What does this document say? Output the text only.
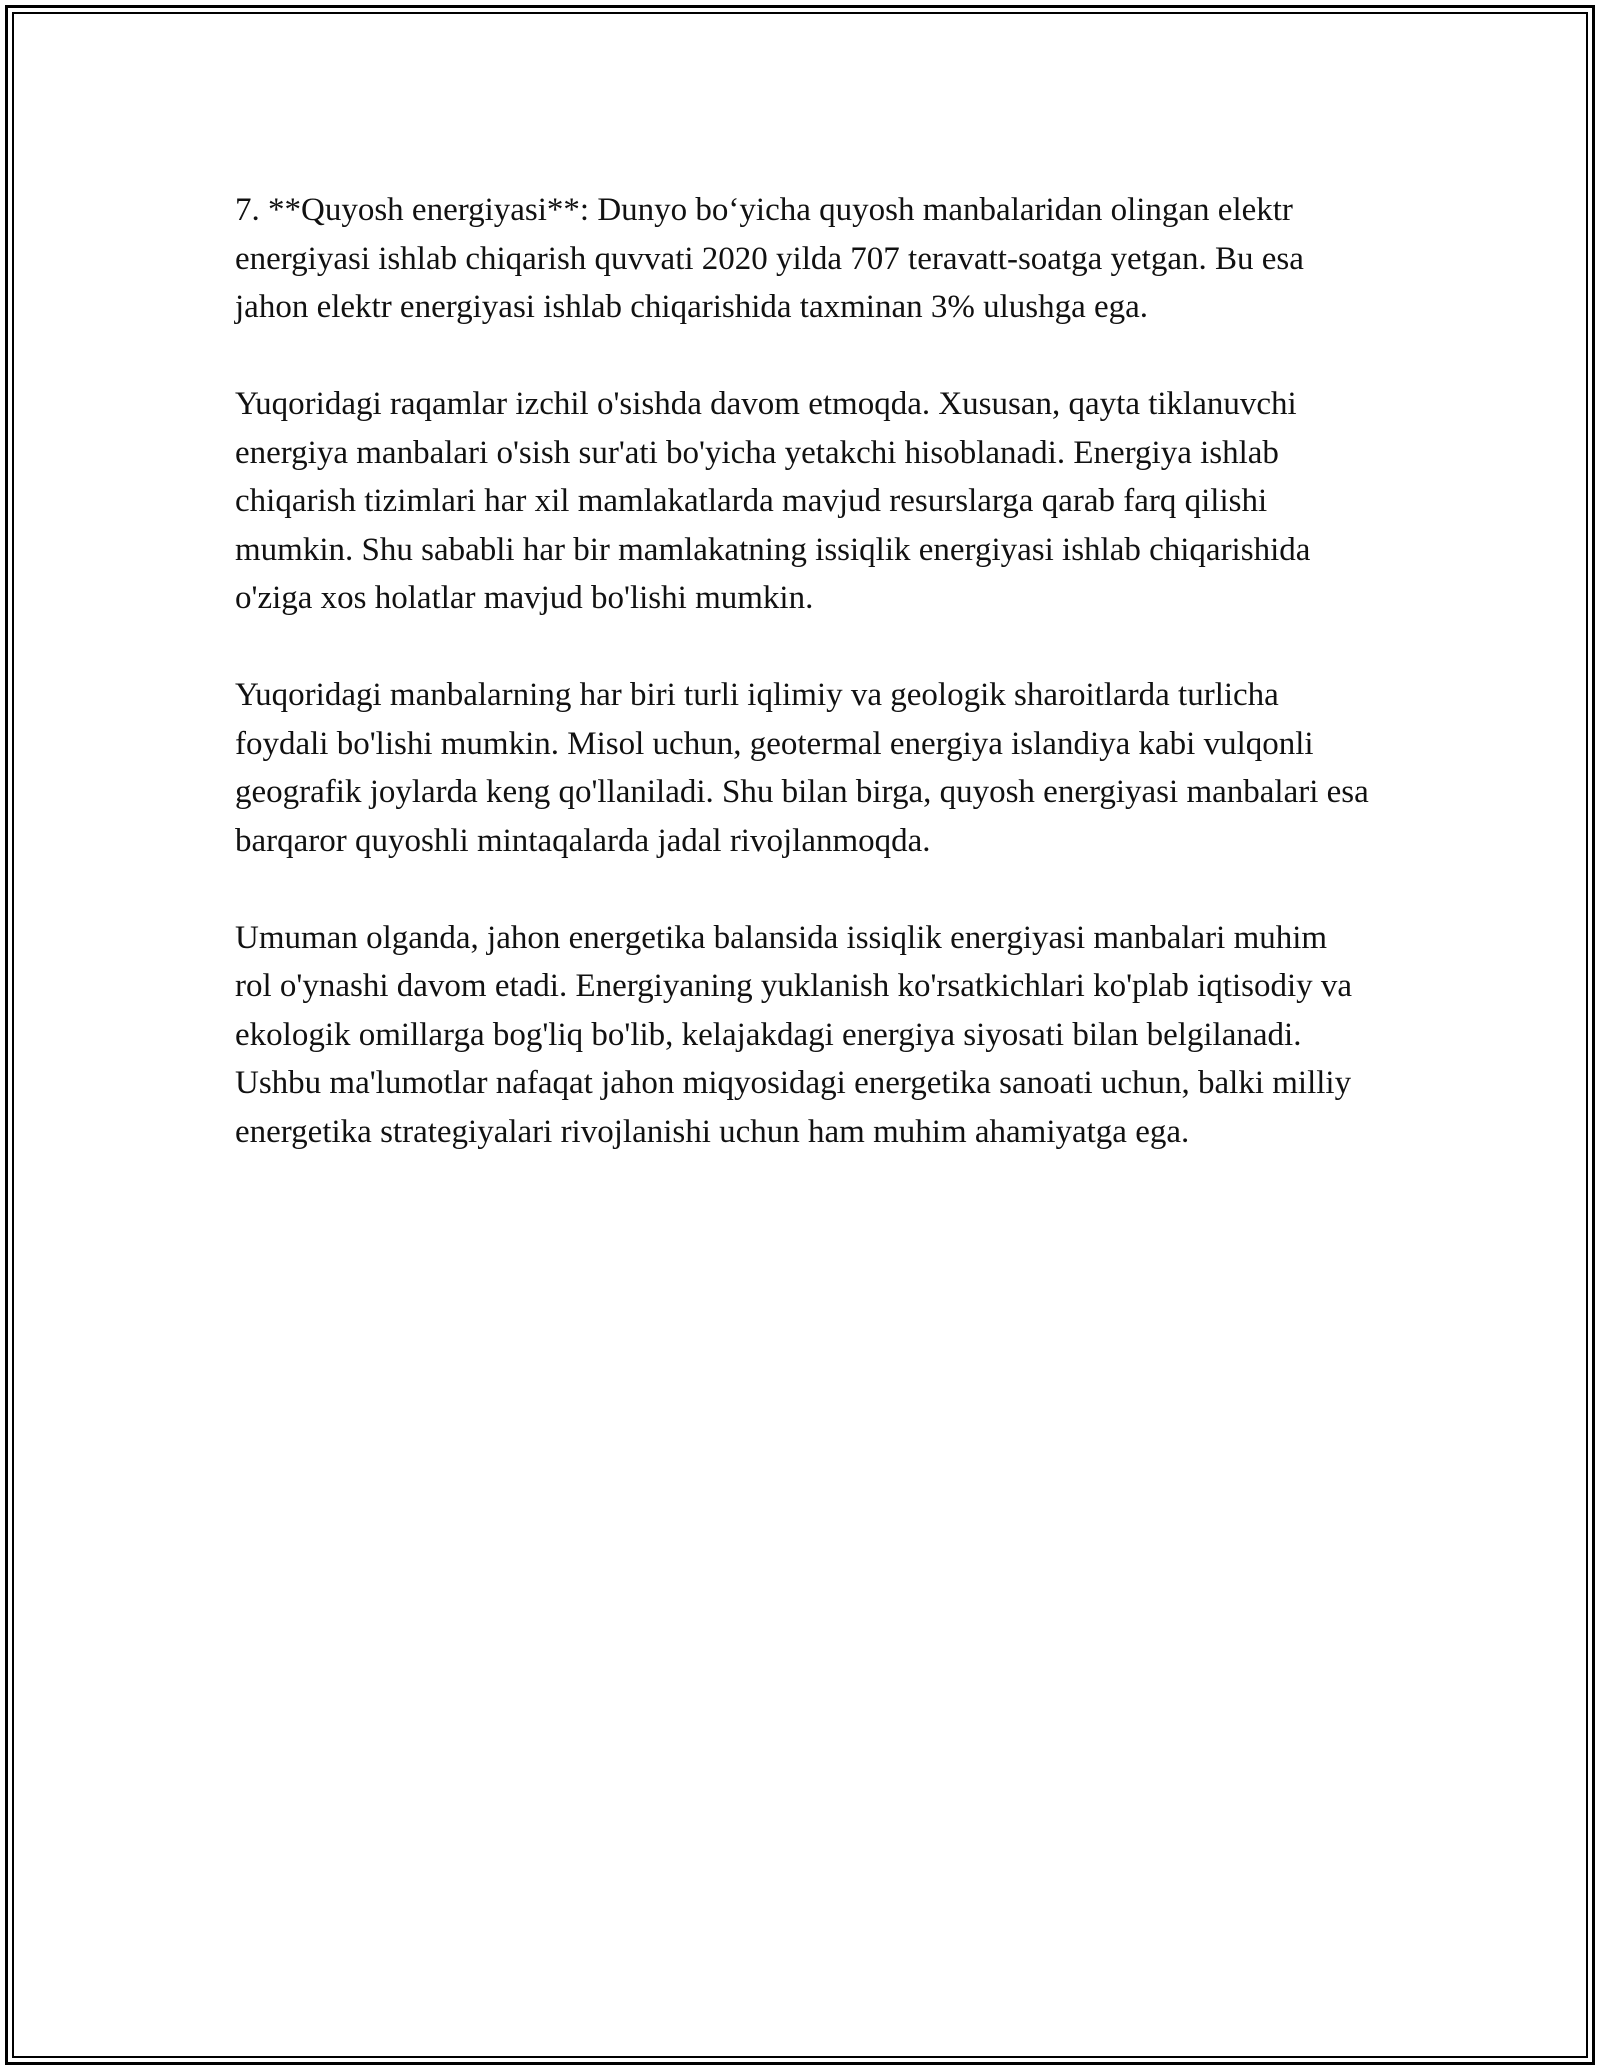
7. **Quyosh energiyasi**: Dunyo bo‘yicha quyosh manbalaridan olingan elektr energiyasi ishlab chiqarish quvvati 2020 yilda 707 teravatt-soatga yetgan. Bu esa jahon elektr energiyasi ishlab chiqarishida taxminan 3% ulushga ega.

Yuqoridagi raqamlar izchil o'sishda davom etmoqda. Xususan, qayta tiklanuvchi energiya manbalari o'sish sur'ati bo'yicha yetakchi hisoblanadi. Energiya ishlab chiqarish tizimlari har xil mamlakatlarda mavjud resurslarga qarab farq qilishi mumkin. Shu sababli har bir mamlakatning issiqlik energiyasi ishlab chiqarishida o'ziga xos holatlar mavjud bo'lishi mumkin.

Yuqoridagi manbalarning har biri turli iqlimiy va geologik sharoitlarda turlicha foydali bo'lishi mumkin. Misol uchun, geotermal energiya islandiya kabi vulqonli geografik joylarda keng qo'llaniladi. Shu bilan birga, quyosh energiyasi manbalari esa barqaror quyoshli mintaqalarda jadal rivojlanmoqda.

Umuman olganda, jahon energetika balansida issiqlik energiyasi manbalari muhim rol o'ynashi davom etadi. Energiyaning yuklanish ko'rsatkichlari ko'plab iqtisodiy va ekologik omillarga bog'liq bo'lib, kelajakdagi energiya siyosati bilan belgilanadi. Ushbu ma'lumotlar nafaqat jahon miqyosidagi energetika sanoati uchun, balki milliy energetika strategiyalari rivojlanishi uchun ham muhim ahamiyatga ega.
